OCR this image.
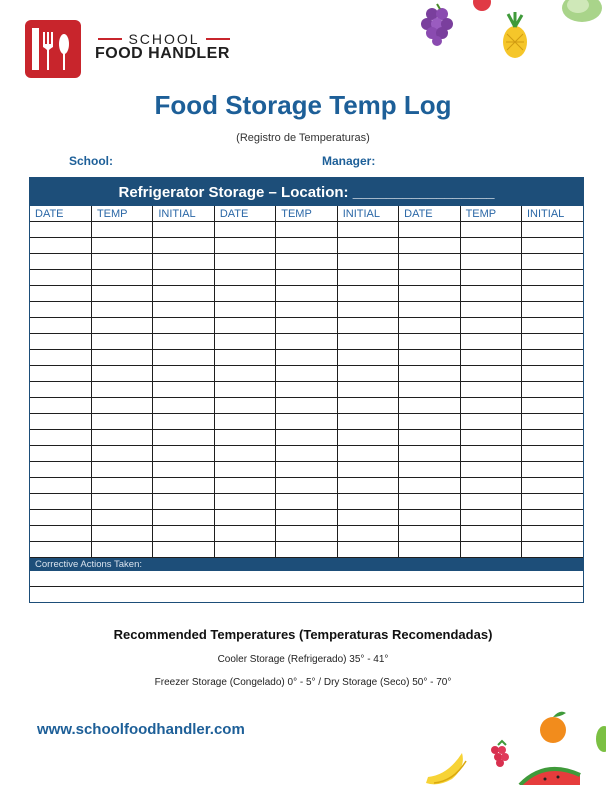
SCHOOL
FOOD HANDLER
Food Storage Temp Log
(Registro de Temperaturas)
School:	Manager:
Refrigerator Storage – Location: _________________
DATE	TEMP	INITIAL	DATE	TEMP	INITIAL	DATE	TEMP	INITIAL

Corrective Actions Taken:
Recommended Temperatures (Temperaturas Recomendadas)
Cooler Storage (Refrigerado) 35° - 41°
Freezer Storage (Congelado) 0° - 5° / Dry Storage (Seco) 50° - 70°
www.schoolfoodhandler.com
